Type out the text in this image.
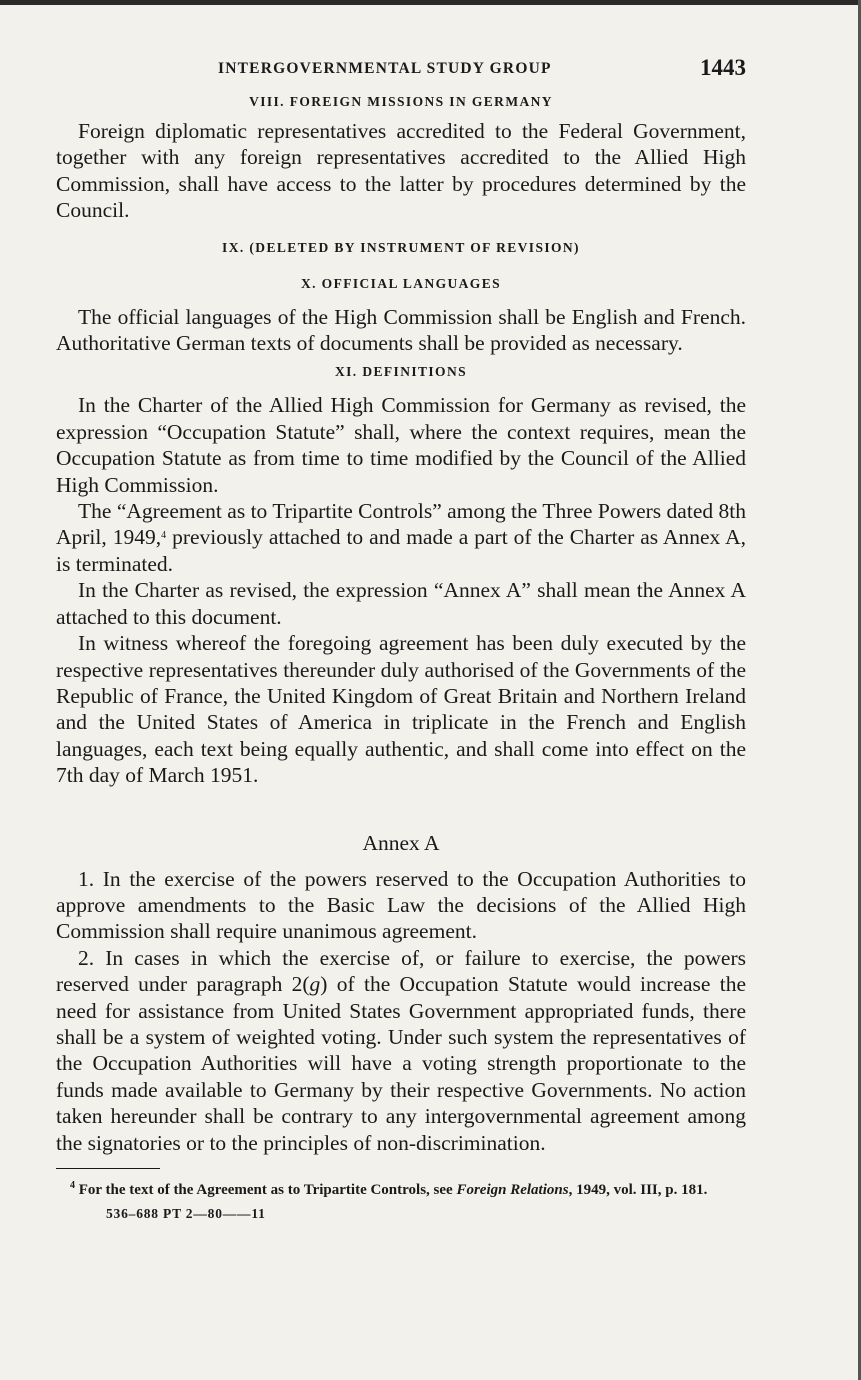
INTERGOVERNMENTAL STUDY GROUP	1443

VIII. FOREIGN MISSIONS IN GERMANY

Foreign diplomatic representatives accredited to the Federal Government, together with any foreign representatives accredited to the Allied High Commission, shall have access to the latter by procedures determined by the Council.

IX. (DELETED BY INSTRUMENT OF REVISION)

X. OFFICIAL LANGUAGES

The official languages of the High Commission shall be English and French. Authoritative German texts of documents shall be provided as necessary.

XI. DEFINITIONS

In the Charter of the Allied High Commission for Germany as revised, the expression “Occupation Statute” shall, where the context requires, mean the Occupation Statute as from time to time modified by the Council of the Allied High Commission.

The “Agreement as to Tripartite Controls” among the Three Powers dated 8th April, 1949,$^4$ previously attached to and made a part of the Charter as Annex A, is terminated.

In the Charter as revised, the expression “Annex A” shall mean the Annex A attached to this document.

In witness whereof the foregoing agreement has been duly executed by the respective representatives thereunder duly authorised of the Governments of the Republic of France, the United Kingdom of Great Britain and Northern Ireland and the United States of America in triplicate in the French and English languages, each text being equally authentic, and shall come into effect on the 7th day of March 1951.

Annex A

1. In the exercise of the powers reserved to the Occupation Authorities to approve amendments to the Basic Law the decisions of the Allied High Commission shall require unanimous agreement.

2. In cases in which the exercise of, or failure to exercise, the powers reserved under paragraph 2(g) of the Occupation Statute would increase the need for assistance from United States Government appropriated funds, there shall be a system of weighted voting. Under such system the representatives of the Occupation Authorities will have a voting strength proportionate to the funds made available to Germany by their respective Governments. No action taken hereunder shall be contrary to any intergovernmental agreement among the signatories or to the principles of non-discrimination.

$^4$ For the text of the Agreement as to Tripartite Controls, see Foreign Relations, 1949, vol. III, p. 181.

536–688 PT 2—80——11
